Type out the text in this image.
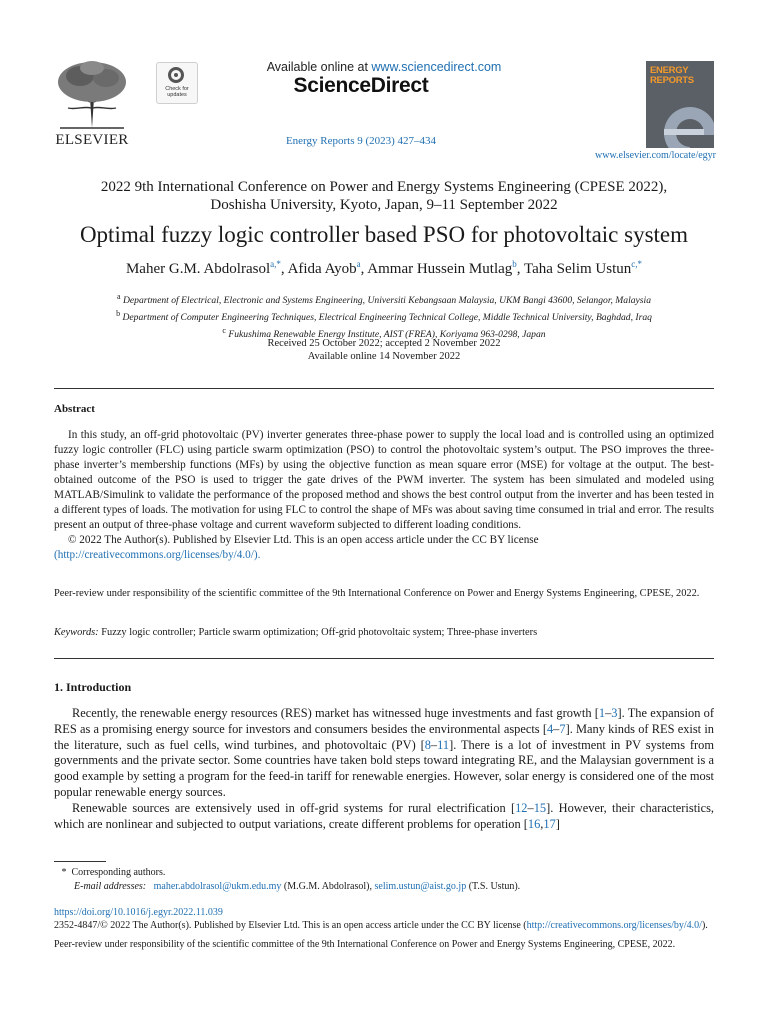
ELSEVIER
Check for updates
Available online at www.sciencedirect.com
ScienceDirect
Energy Reports 9 (2023) 427–434
ENERGY REPORTS
www.elsevier.com/locate/egyr
2022 9th International Conference on Power and Energy Systems Engineering (CPESE 2022),
Doshisha University, Kyoto, Japan, 9–11 September 2022
Optimal fuzzy logic controller based PSO for photovoltaic system
Maher G.M. Abdolrasol$^{a,*}$, Afida Ayob$^a$, Ammar Hussein Mutlag$^b$, Taha Selim Ustun$^{c,*}$
$^a$ Department of Electrical, Electronic and Systems Engineering, Universiti Kebangsaan Malaysia, UKM Bangi 43600, Selangor, Malaysia
$^b$ Department of Computer Engineering Techniques, Electrical Engineering Technical College, Middle Technical University, Baghdad, Iraq
$^c$ Fukushima Renewable Energy Institute, AIST (FREA), Koriyama 963-0298, Japan
Received 25 October 2022; accepted 2 November 2022
Available online 14 November 2022
Abstract

In this study, an off-grid photovoltaic (PV) inverter generates three-phase power to supply the local load and is controlled using an optimized fuzzy logic controller (FLC) using particle swarm optimization (PSO) to control the photovoltaic system’s output. The PSO improves the three-phase inverter’s membership functions (MFs) by using the objective function as mean square error (MSE) for voltage at the output. The best-obtained outcome of the PSO is used to trigger the gate drives of the PWM inverter. The system has been simulated and modeled using MATLAB/Simulink to validate the performance of the proposed method and shows the best control output from the inverter and has been tested in a different types of loads. The motivation for using FLC to control the shape of MFs was about saving time consumed in trial and error. The results present an output of three-phase voltage and current waveform subjected to different loading conditions.

© 2022 The Author(s). Published by Elsevier Ltd. This is an open access article under the CC BY license
(http://creativecommons.org/licenses/by/4.0/).

Peer-review under responsibility of the scientific committee of the 9th International Conference on Power and Energy Systems Engineering, CPESE, 2022.
Keywords: Fuzzy logic controller; Particle swarm optimization; Off-grid photovoltaic system; Three-phase inverters
1. Introduction

Recently, the renewable energy resources (RES) market has witnessed huge investments and fast growth [1–3]. The expansion of RES as a promising energy source for investors and consumers besides the environmental aspects [4–7]. Many kinds of RES exist in the literature, such as fuel cells, wind turbines, and photovoltaic (PV) [8–11]. There is a lot of investment in PV systems from governments and the private sector. Some countries have taken bold steps toward integrating RE, and the Malaysian government is a good example by setting a program for the feed-in tariff for renewable energies. However, solar energy is considered one of the most popular renewable energy sources.

Renewable sources are extensively used in off-grid systems for rural electrification [12–15]. However, their characteristics, which are nonlinear and subjected to output variations, create different problems for operation [16,17]

*  Corresponding authors.
E-mail addresses: maher.abdolrasol@ukm.edu.my (M.G.M. Abdolrasol), selim.ustun@aist.go.jp (T.S. Ustun).

https://doi.org/10.1016/j.egyr.2022.11.039

2352-4847/© 2022 The Author(s). Published by Elsevier Ltd. This is an open access article under the CC BY license (http://creativecommons.org/licenses/by/4.0/).

Peer-review under responsibility of the scientific committee of the 9th International Conference on Power and Energy Systems Engineering, CPESE, 2022.
